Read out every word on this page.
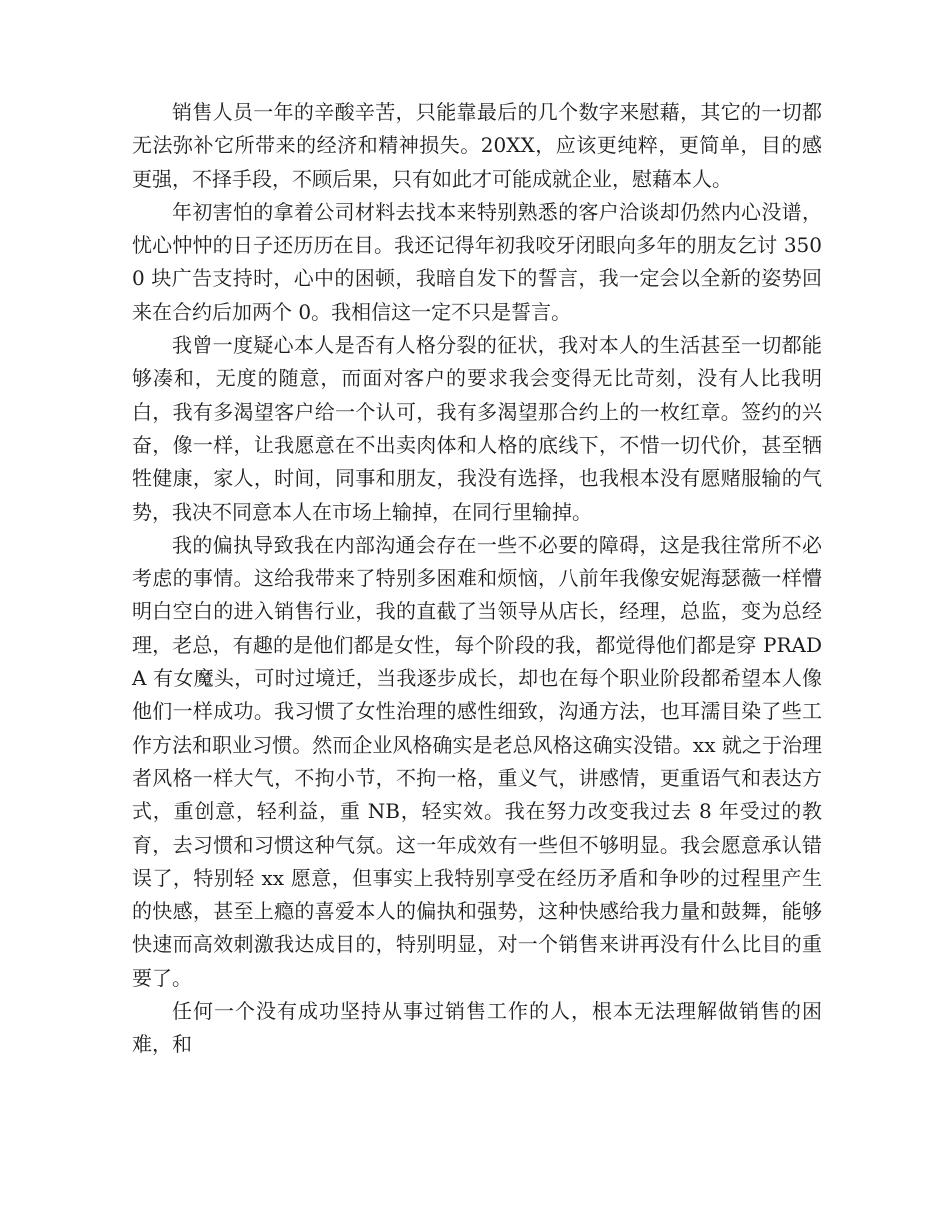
销售人员一年的辛酸辛苦，只能靠最后的几个数字来慰藉，其它的一切都无法弥补它所带来的经济和精神损失。20XX，应该更纯粹，更简单，目的感更强，不择手段，不顾后果，只有如此才可能成就企业，慰藉本人。

年初害怕的拿着公司材料去找本来特别熟悉的客户洽谈却仍然内心没谱，忧心忡忡的日子还历历在目。我还记得年初我咬牙闭眼向多年的朋友乞讨 3500 块广告支持时，心中的困顿，我暗自发下的誓言，我一定会以全新的姿势回来在合约后加两个 0。我相信这一定不只是誓言。

我曾一度疑心本人是否有人格分裂的征状，我对本人的生活甚至一切都能够凑和，无度的随意，而面对客户的要求我会变得无比苛刻，没有人比我明白，我有多渴望客户给一个认可，我有多渴望那合约上的一枚红章。签约的兴奋，像一样，让我愿意在不出卖肉体和人格的底线下，不惜一切代价，甚至牺牲健康，家人，时间，同事和朋友，我没有选择，也我根本没有愿赌服输的气势，我决不同意本人在市场上输掉，在同行里输掉。

我的偏执导致我在内部沟通会存在一些不必要的障碍，这是我往常所不必考虑的事情。这给我带来了特别多困难和烦恼，八前年我像安妮海瑟薇一样懵明白空白的进入销售行业，我的直截了当领导从店长，经理，总监，变为总经理，老总，有趣的是他们都是女性，每个阶段的我，都觉得他们都是穿 PRADA 有女魔头，可时过境迁，当我逐步成长，却也在每个职业阶段都希望本人像他们一样成功。我习惯了女性治理的感性细致，沟通方法，也耳濡目染了些工作方法和职业习惯。然而企业风格确实是老总风格这确实没错。xx 就之于治理者风格一样大气，不拘小节，不拘一格，重义气，讲感情，更重语气和表达方式，重创意，轻利益，重 NB，轻实效。我在努力改变我过去 8 年受过的教育，去习惯和习惯这种气氛。这一年成效有一些但不够明显。我会愿意承认错误了，特别轻 xx 愿意，但事实上我特别享受在经历矛盾和争吵的过程里产生的快感，甚至上瘾的喜爱本人的偏执和强势，这种快感给我力量和鼓舞，能够快速而高效刺激我达成目的，特别明显，对一个销售来讲再没有什么比目的重要了。

任何一个没有成功坚持从事过销售工作的人，根本无法理解做销售的困难，和
